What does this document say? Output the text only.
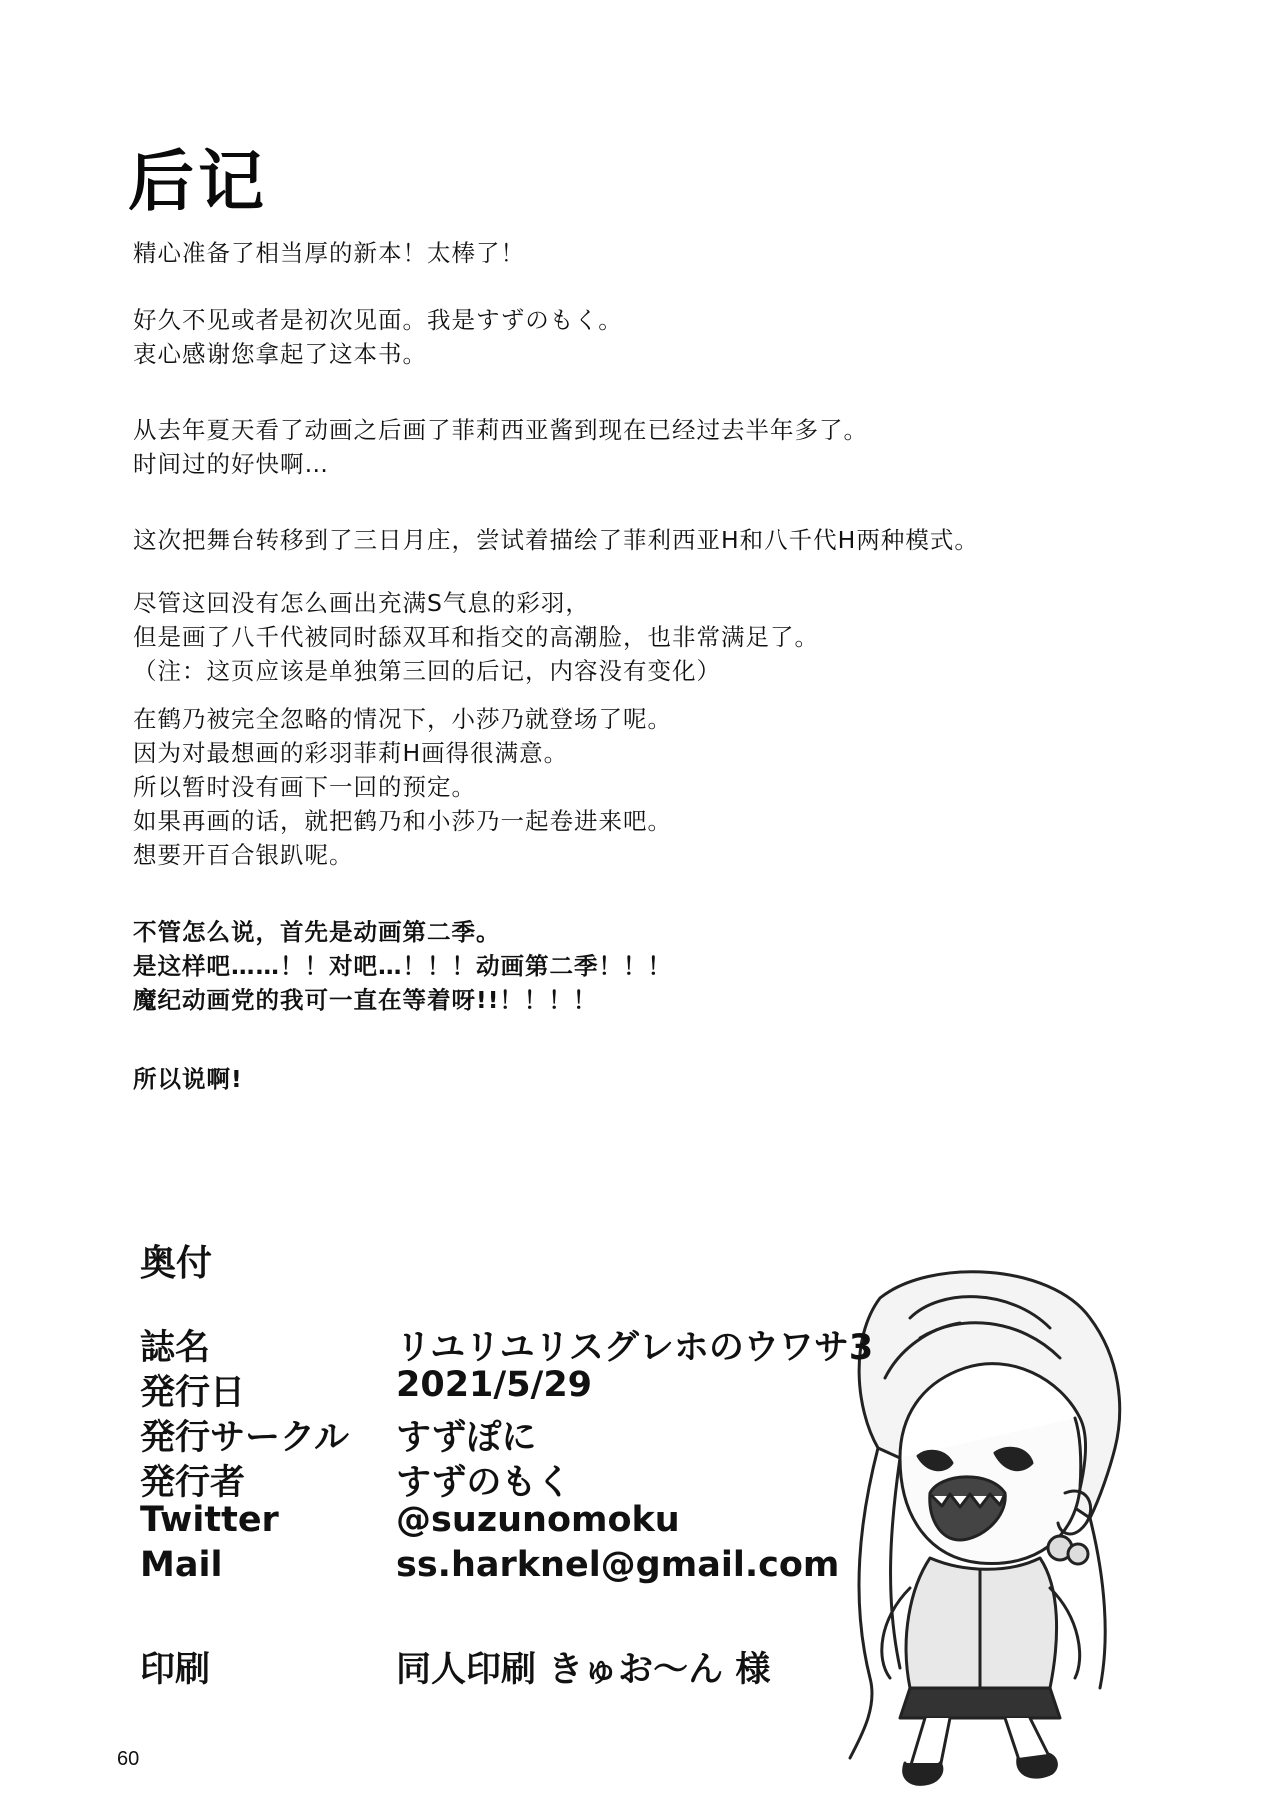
后记
精心准备了相当厚的新本！太棒了！
好久不见或者是初次见面。我是すずのもく。
衷心感谢您拿起了这本书。
从去年夏天看了动画之后画了菲莉西亚酱到现在已经过去半年多了。
时间过的好快啊…
这次把舞台转移到了三日月庄，尝试着描绘了菲利西亚H和八千代H两种模式。
尽管这回没有怎么画出充满S气息的彩羽，
但是画了八千代被同时舔双耳和指交的高潮脸，也非常满足了。
（注：这页应该是单独第三回的后记，内容没有变化）
在鹤乃被完全忽略的情况下，小莎乃就登场了呢。
因为对最想画的彩羽菲莉H画得很满意。
所以暂时没有画下一回的预定。
如果再画的话，就把鹤乃和小莎乃一起卷进来吧。
想要开百合银趴呢。
不管怎么说，首先是动画第二季。
是这样吧……！！对吧…！！！动画第二季！！！
魔纪动画党的我可一直在等着呀!!！！！！
所以说啊!
奥付
誌名	リユリユリスグレホのウワサ3
発行日	2021/5/29
発行サークル すずぽに
発行者	すずのもく
Twitter	@suzunomoku
Mail	ss.harknel@gmail.com
印刷	同人印刷 きゅお〜ん 様
60
